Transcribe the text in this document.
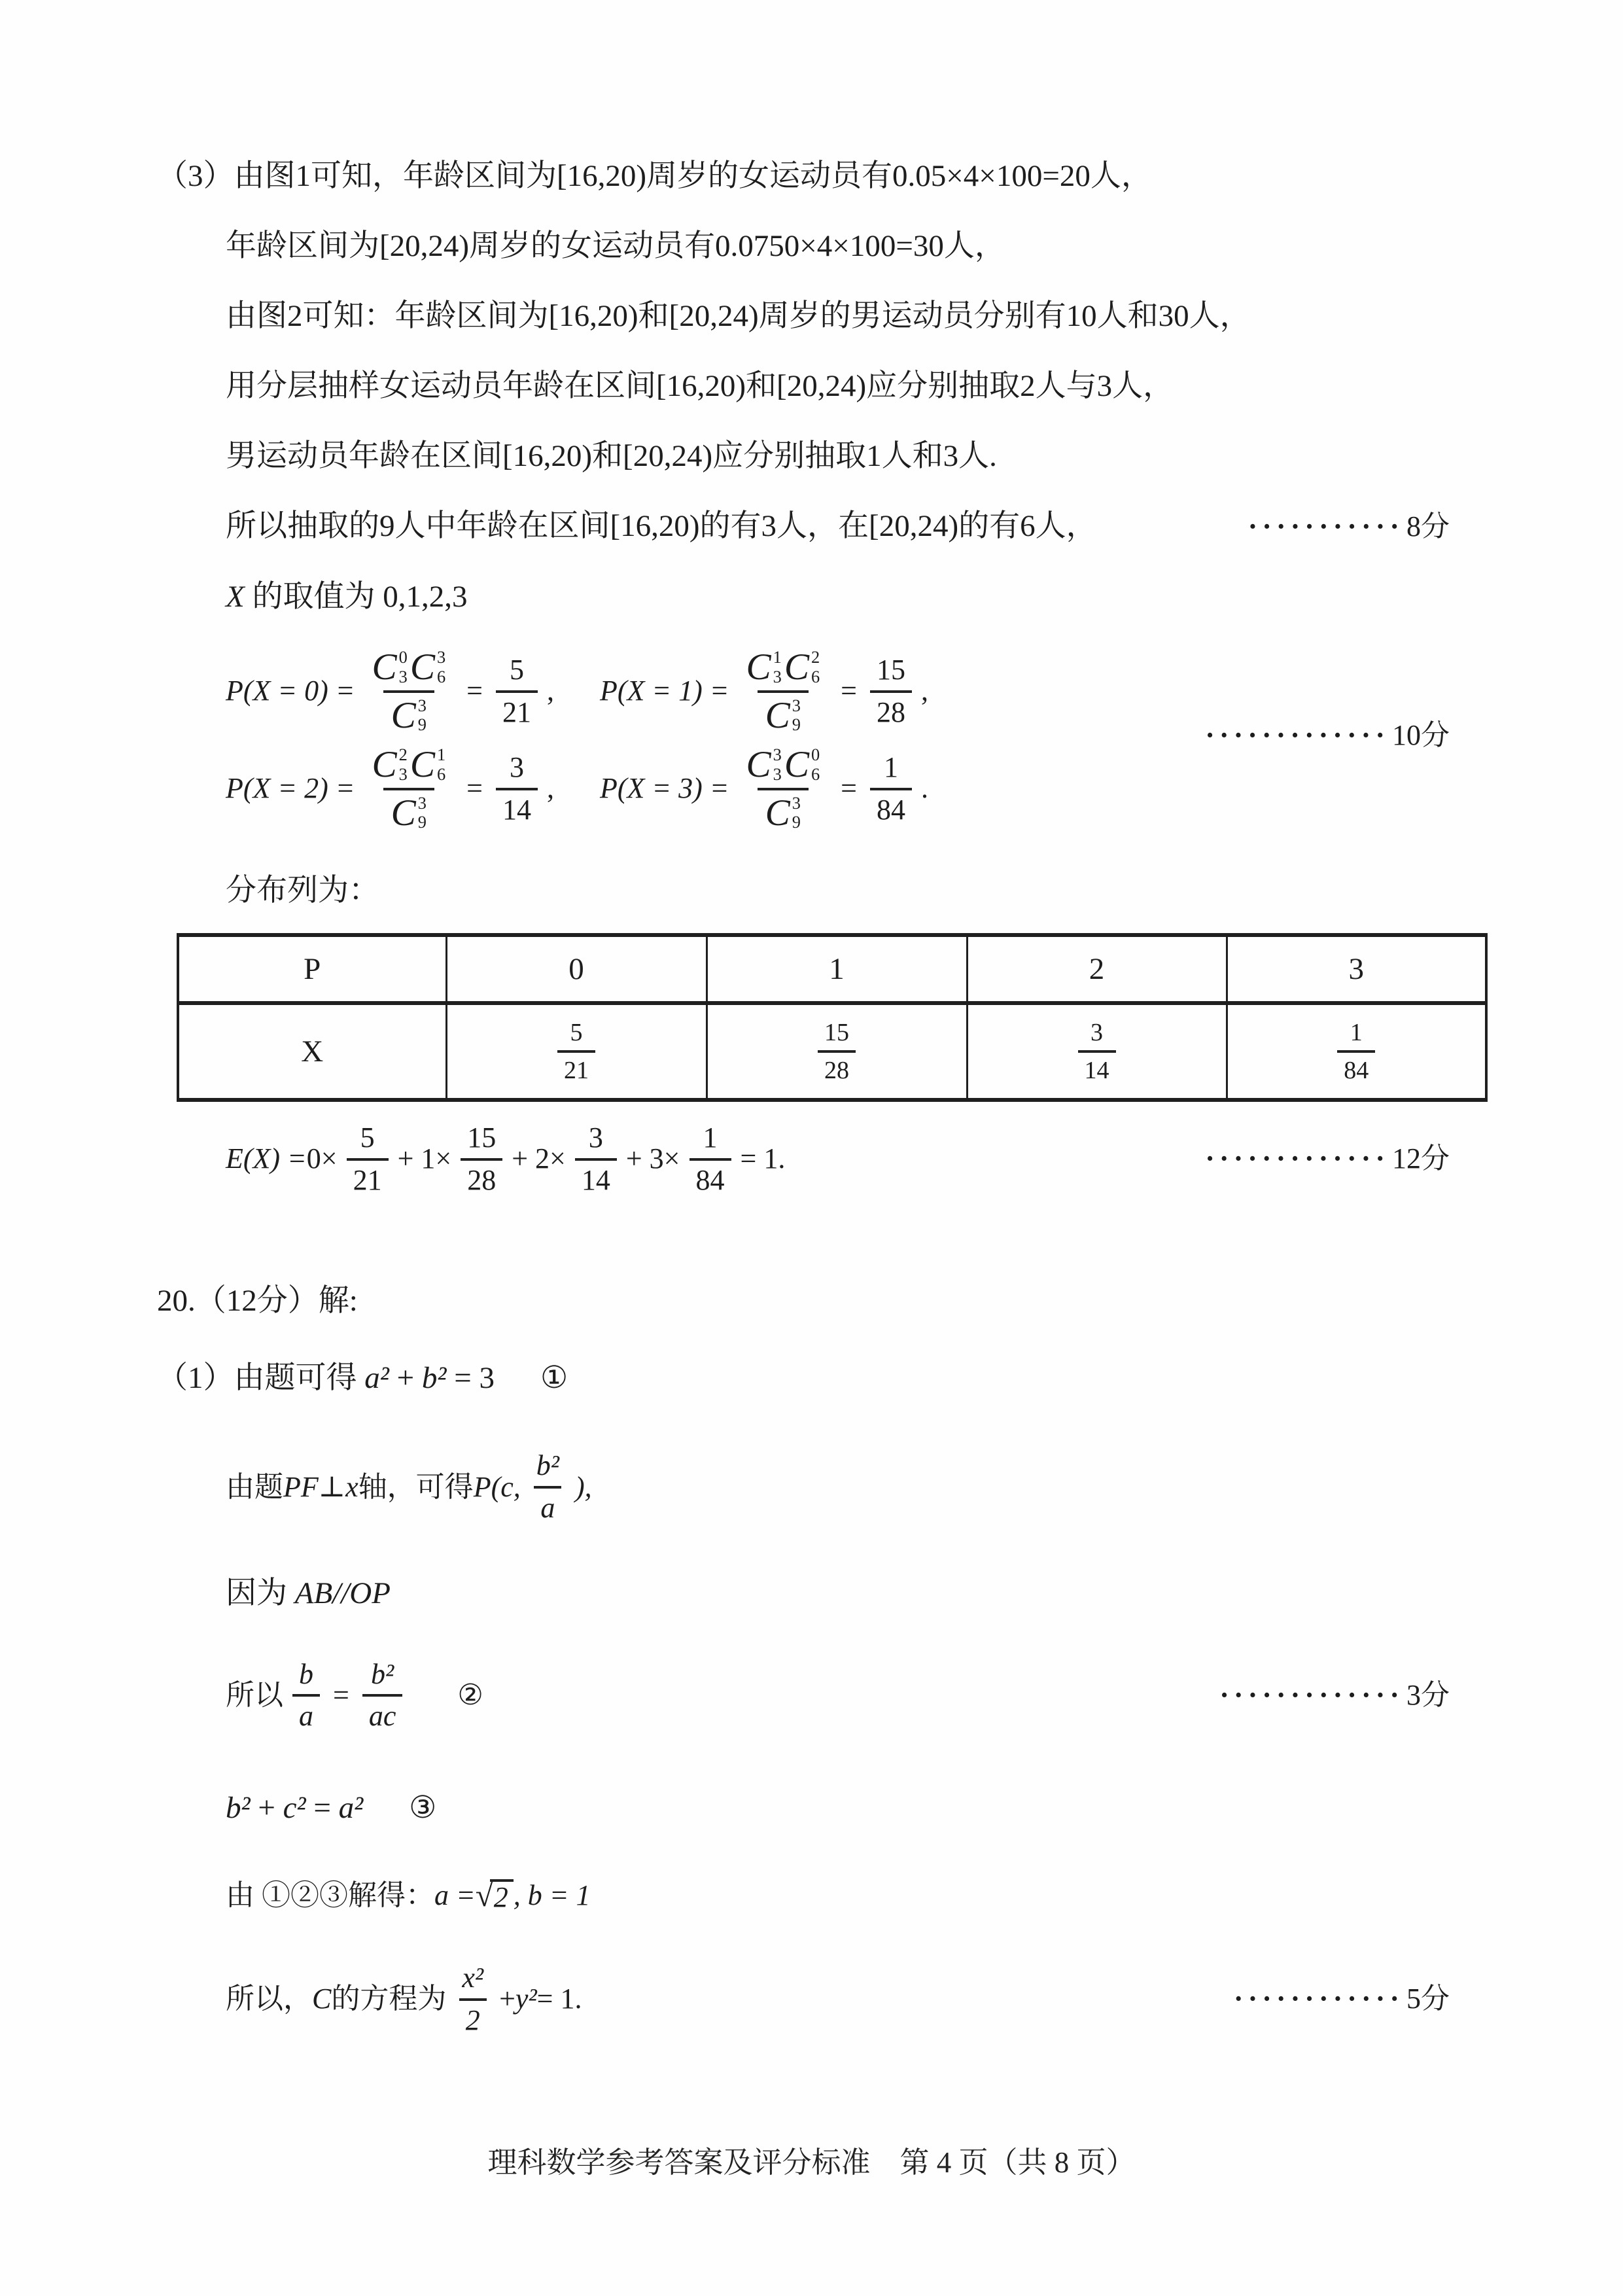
（3）由图1可知，年龄区间为[16,20)周岁的女运动员有0.05×4×100=20人，

年龄区间为[20,24)周岁的女运动员有0.0750×4×100=30人，

由图2可知：年龄区间为[16,20)和[20,24)周岁的男运动员分别有10人和30人，

用分层抽样女运动员年龄在区间[16,20)和[20,24)应分别抽取2人与3人，

男运动员年龄在区间[16,20)和[20,24)应分别抽取1人和3人.

所以抽取的9人中年龄在区间[16,20)的有3人，在[20,24)的有6人，	··········· 8分

X 的取值为 0,1,2,3

P(X = 0) = C 0
3 C 3
6
C 3
$9 = \frac{5}{21}$ , P(X = 1) = C 1
3 C 2
6
C 3
$9 = \frac{15}{28}$ ,
············· 10分
P(X = 2) = C 2
3 C 1
6
C 3
$9 = \frac{3}{14}$ , P(X = 3) = C 3
3 C 0
6
C 3
$9 = \frac{1}{84}$ .

分布列为：

P	0	1	2	3
X	$\frac{5}{21}$	$\frac{15}{28}$	$\frac{3}{14}$	$\frac{1}{84}$
$E(X) = 0\times \frac{5}{21} + 1\times \frac{15}{28} + 2\times \frac{3}{14} + 3\times \frac{1}{84} = 1$.	············· 12分

20.（12分）解:

（1）由题可得 a² + b² = 3 ①

由题 PF ⊥ x 轴，可得 P(c, $\frac{\text{b²}}{a}$ ),

因为 AB//OP

所以 $\frac{b}{a} = \frac{\text{b²}}{ac}$ ②	············· 3分

b² + c² = a² ③

由 ①②③解得： a = √ 2 , b = 1
所以， C 的方程为 $\frac{\text{x²}}{2} + y^2 = 1$.	············ 5分
理科数学参考答案及评分标准　第 4 页（共 8 页）
